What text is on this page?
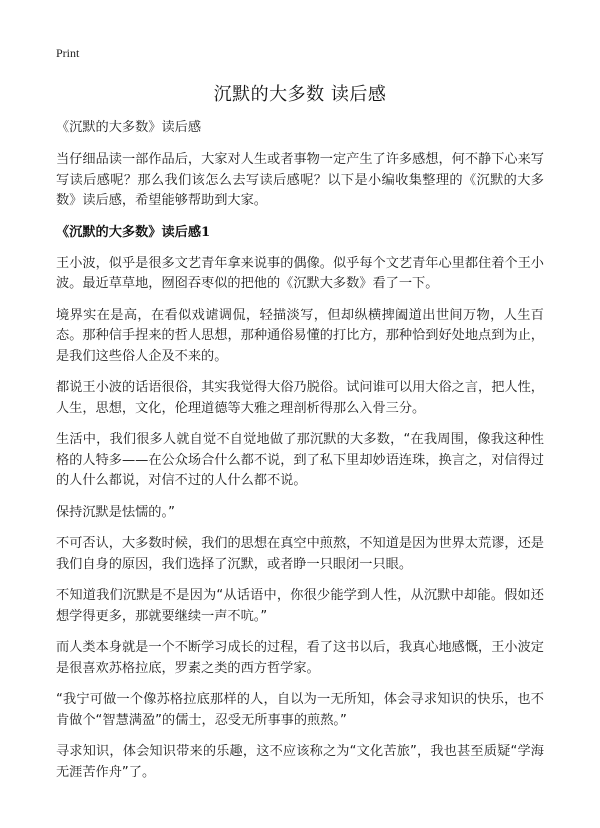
Print
沉默的大多数 读后感

《沉默的大多数》读后感

当仔细品读一部作品后，大家对人生或者事物一定产生了许多感想，何不静下心来写写读后感呢？那么我们该怎么去写读后感呢？以下是小编收集整理的《沉默的大多数》读后感，希望能够帮助到大家。

《沉默的大多数》读后感1

王小波，似乎是很多文艺青年拿来说事的偶像。似乎每个文艺青年心里都住着个王小波。最近草草地，囫囵吞枣似的把他的《沉默大多数》看了一下。

境界实在是高，在看似戏谑调侃，轻描淡写，但却纵横捭阖道出世间万物，人生百态。那种信手捏来的哲人思想，那种通俗易懂的打比方，那种恰到好处地点到为止，是我们这些俗人企及不来的。

都说王小波的话语很俗，其实我觉得大俗乃脱俗。试问谁可以用大俗之言，把人性，人生，思想，文化，伦理道德等大雅之理剖析得那么入骨三分。

生活中，我们很多人就自觉不自觉地做了那沉默的大多数，“在我周围，像我这种性格的人特多——在公众场合什么都不说，到了私下里却妙语连珠，换言之，对信得过的人什么都说，对信不过的人什么都不说。

保持沉默是怯懦的。”

不可否认，大多数时候，我们的思想在真空中煎熬，不知道是因为世界太荒谬，还是我们自身的原因，我们选择了沉默，或者睁一只眼闭一只眼。

不知道我们沉默是不是因为“从话语中，你很少能学到人性，从沉默中却能。假如还想学得更多，那就要继续一声不吭。”

而人类本身就是一个不断学习成长的过程，看了这书以后，我真心地感慨，王小波定是很喜欢苏格拉底，罗素之类的西方哲学家。

“我宁可做一个像苏格拉底那样的人，自以为一无所知，体会寻求知识的快乐，也不肯做个“智慧满盈”的儒士，忍受无所事事的煎熬。”

寻求知识，体会知识带来的乐趣，这不应该称之为“文化苦旅”，我也甚至质疑“学海无涯苦作舟”了。
